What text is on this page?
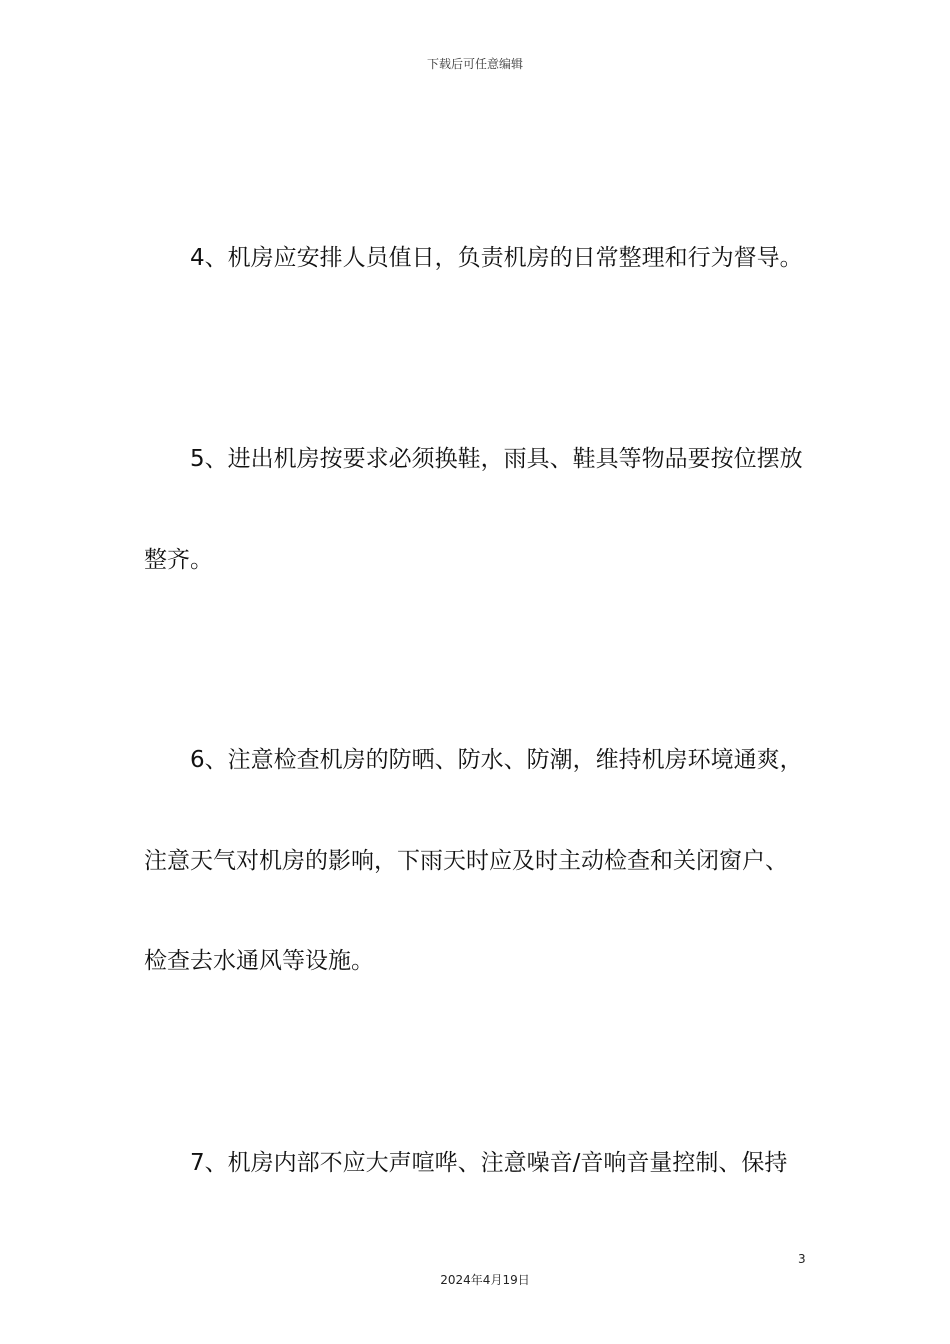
下载后可任意编辑
4、机房应安排人员值日，负责机房的日常整理和行为督导。
5、进出机房按要求必须换鞋，雨具、鞋具等物品要按位摆放
整齐。
6、注意检查机房的防晒、防水、防潮，维持机房环境通爽，
注意天气对机房的影响，下雨天时应及时主动检查和关闭窗户、
检查去水通风等设施。
7、机房内部不应大声喧哗、注意噪音/音响音量控制、保持
3
2024年4月19日
